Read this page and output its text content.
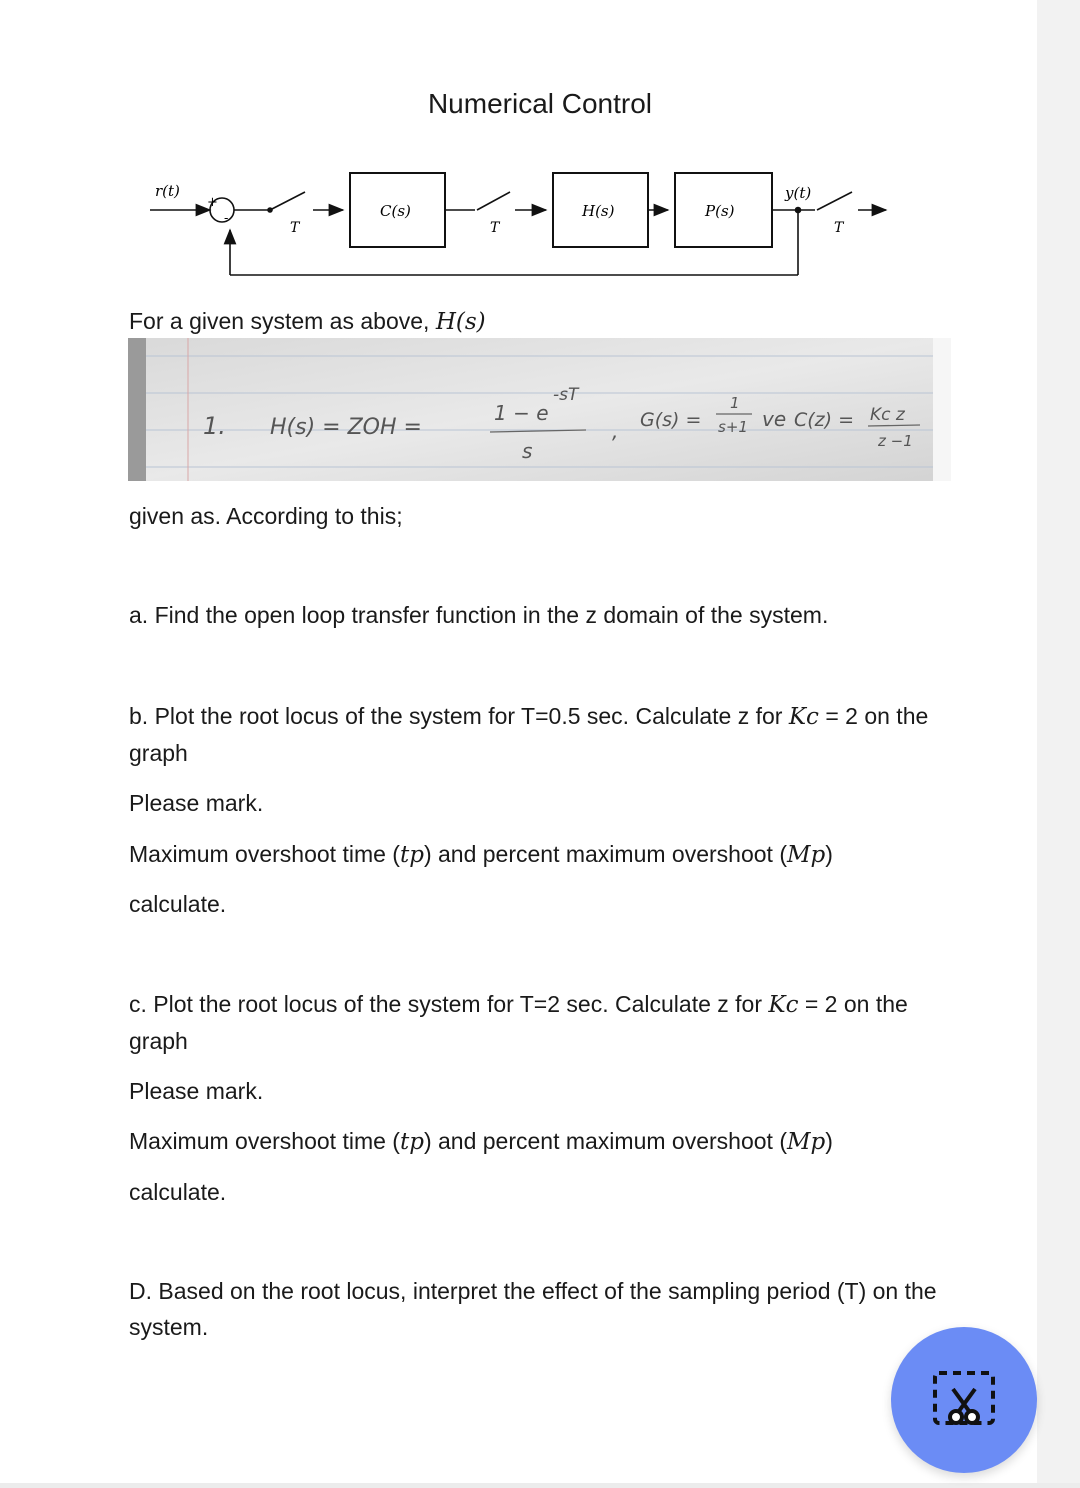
Numerical Control
r(t)
+
-
T
C(s)
T
H(s)	P(s)
y(t)
T
For a given system as above, H(s)
1. H(s) = ZOH =
-sT
1 − e
s
, G(s) =
1
s+1 ve C(z) = Kc z
z −1
given as. According to this;
a. Find the open loop transfer function in the z domain of the system.
b. Plot the root locus of the system for T=0.5 sec. Calculate z for Kc = 2 on the graph
Please mark.
Maximum overshoot time (tp) and percent maximum overshoot (Mp)
calculate.
c. Plot the root locus of the system for T=2 sec. Calculate z for Kc = 2 on the graph
Please mark.
Maximum overshoot time (tp) and percent maximum overshoot (Mp)
calculate.
D. Based on the root locus, interpret the effect of the sampling period (T) on the system.
